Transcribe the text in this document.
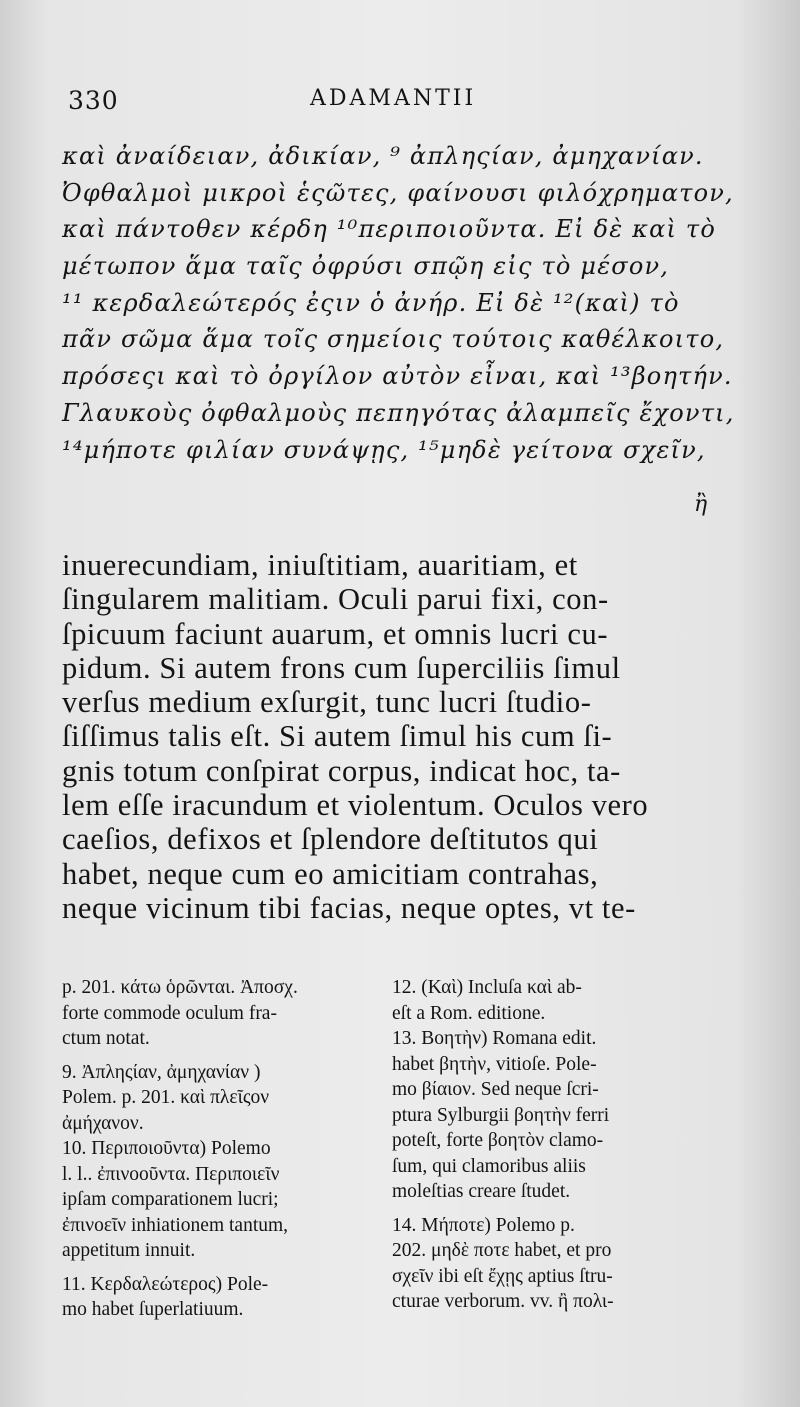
330	ADAMANTII
καὶ ἀναίδειαν, ἀδικίαν, ⁹ ἀπληςίαν, ἀμηχανίαν.
Ὀφθαλμοὶ μικροὶ ἑςῶτες, φαίνουσι φιλόχρηματον,
καὶ πάντοθεν κέρδη ¹⁰περιποιοῦντα. Εἰ δὲ καὶ τὸ
μέτωπον ἅμα ταῖς ὀφρύσι σπῷη εἰς τὸ μέσον,
¹¹ κερδαλεώτερός ἐςιν ὁ ἀνήρ. Εἰ δὲ ¹²(καὶ) τὸ
πᾶν σῶμα ἅμα τοῖς σημείοις τούτοις καθέλκοιτο,
πρόσεςι καὶ τὸ ὀργίλον αὐτὸν εἶναι, καὶ ¹³βοητήν.
Γλαυκοὺς ὀφθαλμοὺς πεπηγότας ἀλαμπεῖς ἔχοντι,
¹⁴μήποτε φιλίαν συνάψῃς, ¹⁵μηδὲ γείτονα σχεῖν,
ἢ
inuerecundiam, iniuſtitiam, auaritiam, et
ſingularem malitiam. Oculi parui fixi, con-
ſpicuum faciunt auarum, et omnis lucri cu-
pidum. Si autem frons cum ſuperciliis ſimul
verſus medium exſurgit, tunc lucri ſtudio-
ſiſſimus talis eſt. Si autem ſimul his cum ſi-
gnis totum conſpirat corpus, indicat hoc, ta-
lem eſſe iracundum et violentum. Oculos vero
caeſios, defixos et ſplendore deſtitutos qui
habet, neque cum eo amicitiam contrahas,
neque vicinum tibi facias, neque optes, vt te-
p. 201. κάτω ὁρῶνται. Ἀποσχ.
forte commode oculum fra-
ctum notat.
9. Ἀπληςίαν, ἀμηχανίαν )
Polem. p. 201. καὶ πλεῖςον
ἀμήχανον.
10. Περιποιοῦντα) Polemo
l. l.. ἐπινοοῦντα. Περιποιεῖν
ipſam comparationem lucri;
ἐπινοεῖν inhiationem tantum,
appetitum innuit.
11. Κερδαλεώτερος) Pole-
mo habet ſuperlatiuum.
12. (Καὶ) Incluſa καὶ ab-
eſt a Rom. editione.
13. Βοητὴν) Romana edit.
habet βητὴν, vitioſe. Pole-
mo βίαιον. Sed neque ſcri-
ptura Sylburgii βοητὴν ferri
poteſt, forte βοητὸν clamo-
ſum, qui clamoribus aliis
moleſtias creare ſtudet.
14. Μήποτε) Polemo p.
202. μηδὲ ποτε habet, et pro
σχεῖν ibi eſt ἔχῃς aptius ſtru-
cturae verborum. vv. ἢ πολι-
